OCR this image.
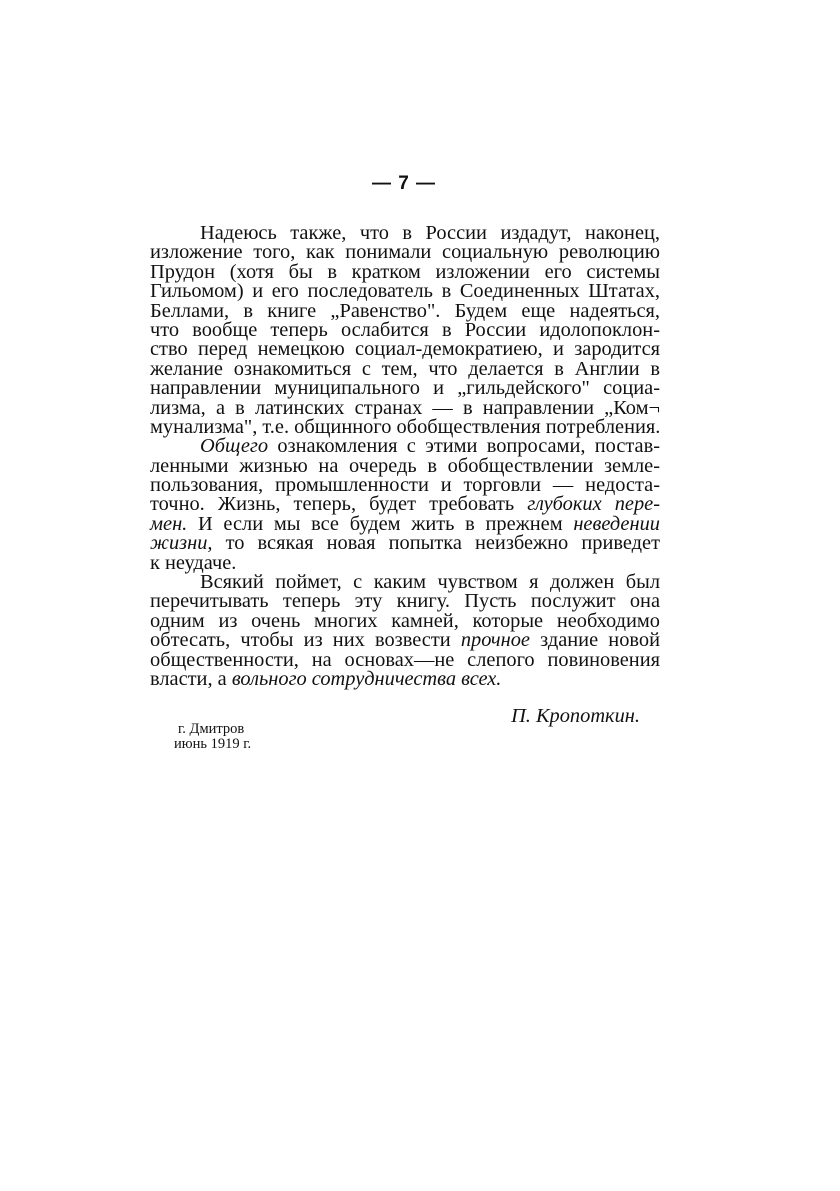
— 7 —
Надеюсь также, что в России издадут, наконец,
изложение того, как понимали социальную революцию
Прудон (хотя бы в кратком изложении его системы
Гильомом) и его последователь в Соединенных Штатах,
Беллами, в книге „Равенство". Будем еще надеяться,
что вообще теперь ослабится в России идолопоклон-
ство перед немецкою социал-демократиею, и зародится
желание ознакомиться с тем, что делается в Англии в
направлении муниципального и „гильдейского" социа-
лизма, а в латинских странах — в направлении „Ком¬
мунализма", т.е. общинного обобществления потребления.
Общего ознакомления с этими вопросами, постав-
ленными жизнью на очередь в обобществлении земле-
пользования, промышленности и торговли — недоста-
точно. Жизнь, теперь, будет требовать глубоких пере-
мен. И если мы все будем жить в прежнем неведении
жизни, то всякая новая попытка неизбежно приведет
к неудаче.
Всякий поймет, с каким чувством я должен был
перечитывать теперь эту книгу. Пусть послужит она
одним из очень многих камней, которые необходимо
обтесать, чтобы из них возвести прочное здание новой
общественности, на основах—не слепого повиновения
власти, а вольного сотрудничества всех.
П. Кропоткин.
г. Дмитров
июнь 1919 г.
